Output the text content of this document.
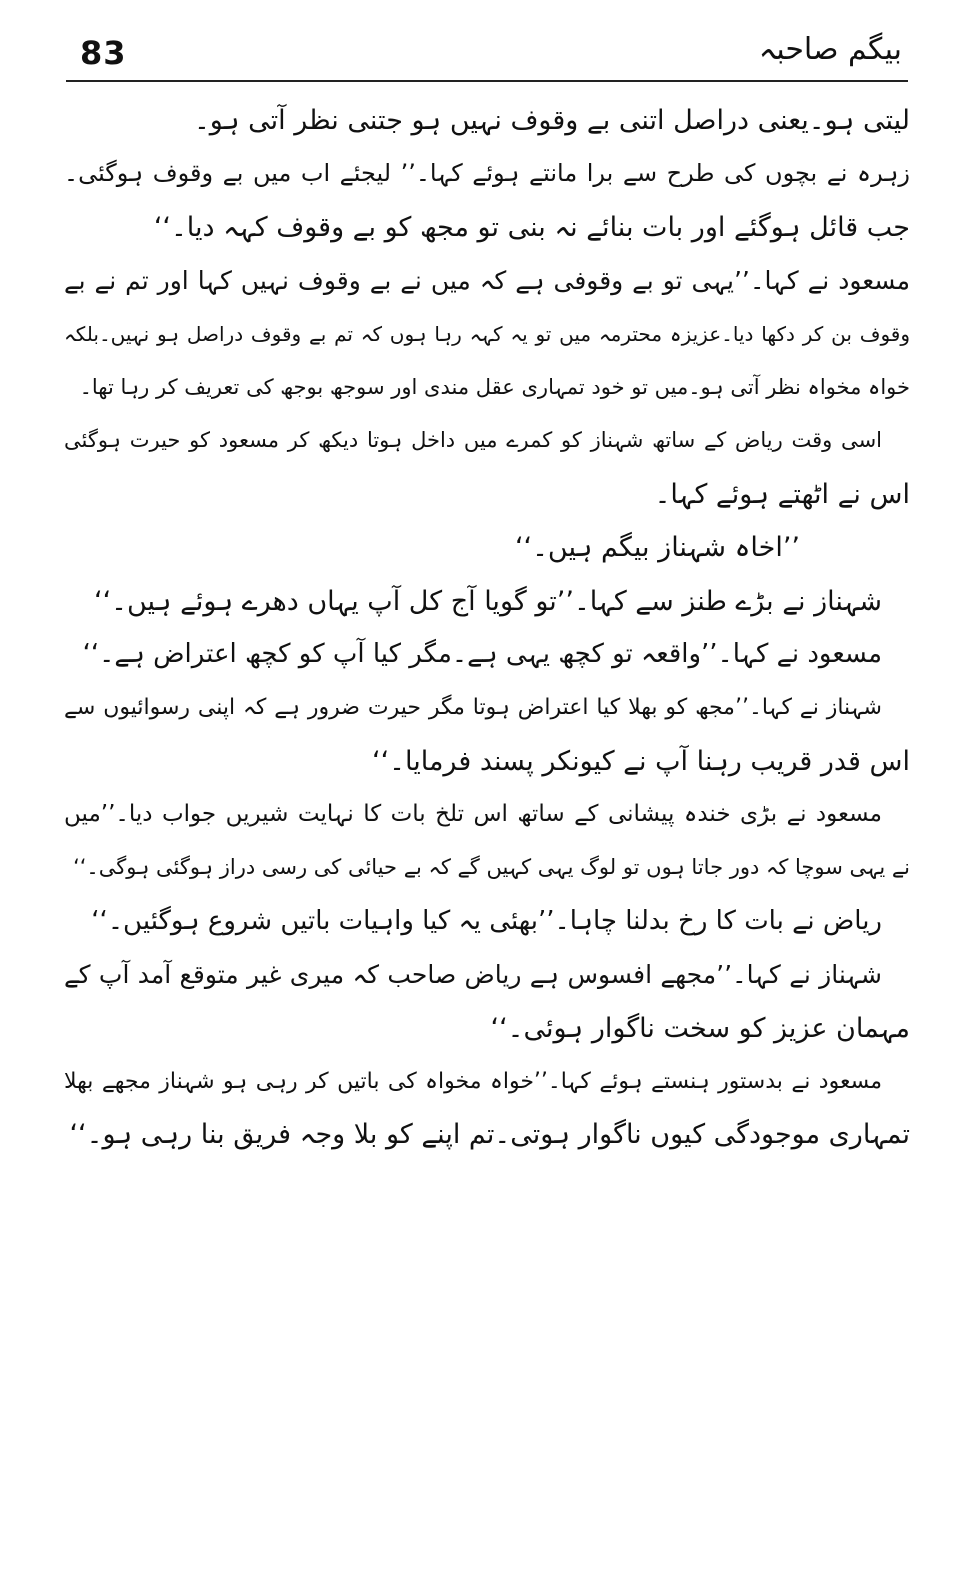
83	بیگم صاحبہ
لیتی ہو۔یعنی دراصل اتنی بے وقوف نہیں ہو جتنی نظر آتی ہو۔
زہرہ نے بچوں کی طرح سے برا مانتے ہوئے کہا۔’’ لیجئے اب میں بے وقوف ہوگئی۔
جب قائل ہوگئے اور بات بنائے نہ بنی تو مجھ کو بے وقوف کہہ دیا۔‘‘
مسعود نے کہا۔’’یہی تو بے وقوفی ہے کہ میں نے بے وقوف نہیں کہا اور تم نے بے
وقوف بن کر دکھا دیا۔عزیزہ محترمہ میں تو یہ کہہ رہا ہوں کہ تم بے وقوف دراصل ہو نہیں۔بلکہ
خواہ مخواہ نظر آتی ہو۔میں تو خود تمہاری عقل مندی اور سوجھ بوجھ کی تعریف کر رہا تھا۔
اسی وقت ریاض کے ساتھ شہناز کو کمرے میں داخل ہوتا دیکھ کر مسعود کو حیرت ہوگئی
اس نے اٹھتے ہوئے کہا۔
’’اخاہ شہناز بیگم ہیں۔‘‘
شہناز نے بڑے طنز سے کہا۔’’تو گویا آج کل آپ یہاں دھرے ہوئے ہیں۔‘‘
مسعود نے کہا۔’’واقعہ تو کچھ یہی ہے۔مگر کیا آپ کو کچھ اعتراض ہے۔‘‘
شہناز نے کہا۔’’مجھ کو بھلا کیا اعتراض ہوتا مگر حیرت ضرور ہے کہ اپنی رسوائیوں سے
اس قدر قریب رہنا آپ نے کیونکر پسند فرمایا۔‘‘
مسعود نے بڑی خندہ پیشانی کے ساتھ اس تلخ بات کا نہایت شیریں جواب دیا۔’’میں
نے یہی سوچا کہ دور جاتا ہوں تو لوگ یہی کہیں گے کہ بے حیائی کی رسی دراز ہوگئی ہوگی۔‘‘
ریاض نے بات کا رخ بدلنا چاہا۔’’بھئی یہ کیا واہیات باتیں شروع ہوگئیں۔‘‘
شہناز نے کہا۔’’مجھے افسوس ہے ریاض صاحب کہ میری غیر متوقع آمد آپ کے
مہمان عزیز کو سخت ناگوار ہوئی۔‘‘
مسعود نے بدستور ہنستے ہوئے کہا۔’’خواہ مخواہ کی باتیں کر رہی ہو شہناز مجھے بھلا
تمہاری موجودگی کیوں ناگوار ہوتی۔تم اپنے کو بلا وجہ فریق بنا رہی ہو۔‘‘
